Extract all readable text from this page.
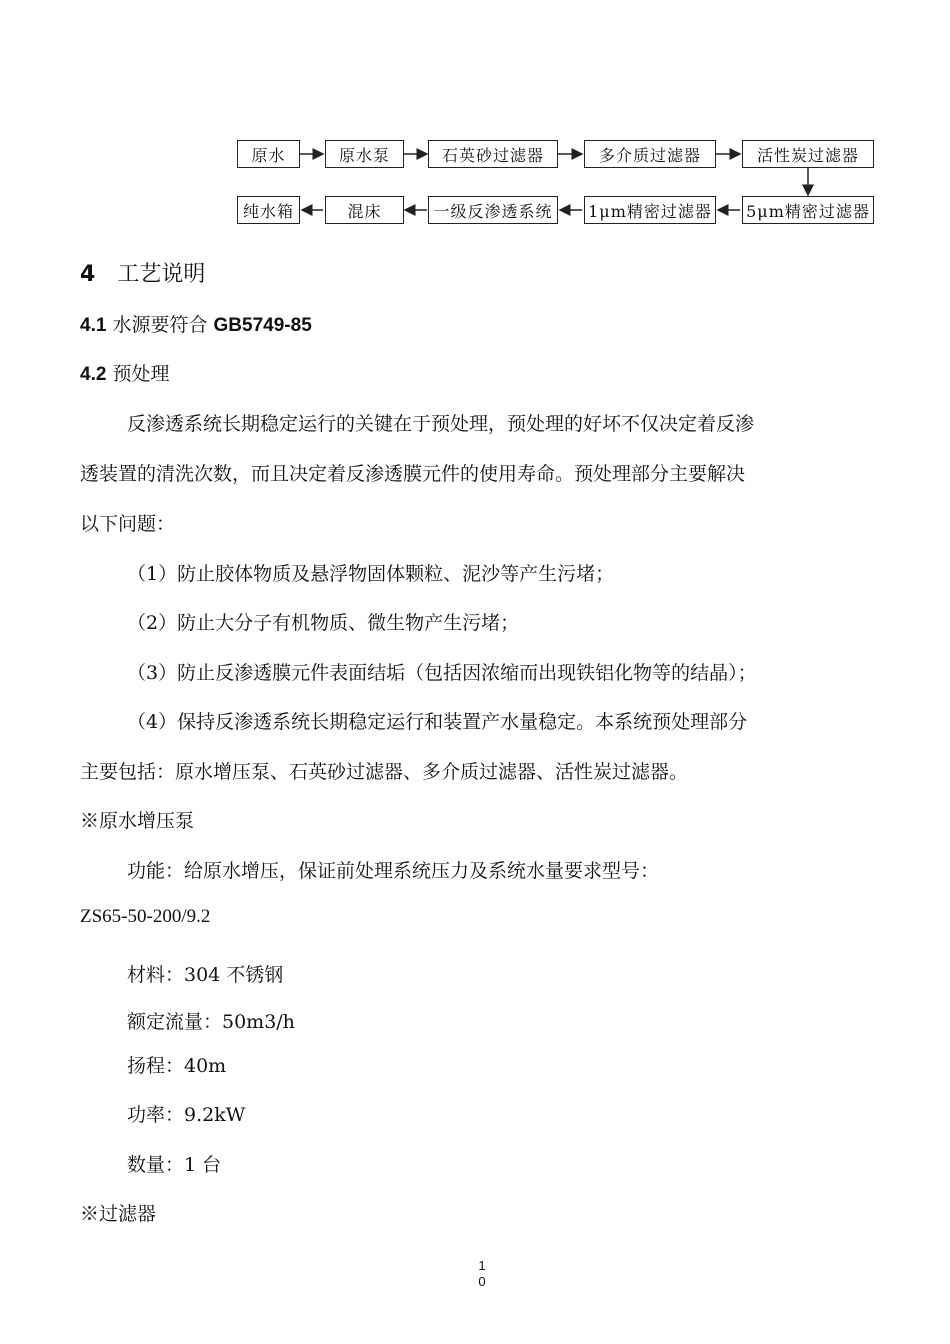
原水	原水泵	石英砂过滤器	多介质过滤器	活性炭过滤器
纯水箱	混床	一级反渗透系统	1μm精密过滤器 5μm精密过滤器
4 工艺说明
4.1 水源要符合 GB5749-85
4.2 预处理
反渗透系统长期稳定运行的关键在于预处理，预处理的好坏不仅决定着反渗
透装置的清洗次数，而且决定着反渗透膜元件的使用寿命。预处理部分主要解决
以下问题：
（1）防止胶体物质及悬浮物固体颗粒、泥沙等产生污堵；
（2）防止大分子有机物质、微生物产生污堵；
（3）防止反渗透膜元件表面结垢（包括因浓缩而出现铁铝化物等的结晶）；
（4）保持反渗透系统长期稳定运行和装置产水量稳定。本系统预处理部分
主要包括：原水增压泵、石英砂过滤器、多介质过滤器、活性炭过滤器。
※原水增压泵
功能：给原水增压，保证前处理系统压力及系统水量要求型号：
ZS65-50-200/9.2
材料：304 不锈钢
额定流量：50m3/h
扬程：40m
功率：9.2kW
数量：1 台
※过滤器
1
0
